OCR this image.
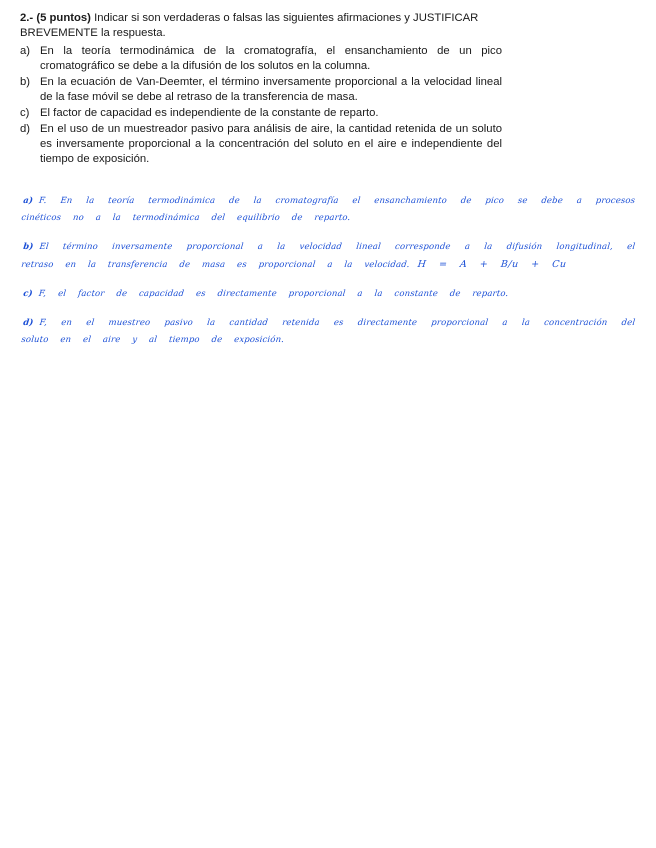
2.- (5 puntos) Indicar si son verdaderas o falsas las siguientes afirmaciones y JUSTIFICAR BREVEMENTE la respuesta.

a) En la teoría termodinámica de la cromatografía, el ensanchamiento de un pico cromatográfico se debe a la difusión de los solutos en la columna.
b) En la ecuación de Van-Deemter, el término inversamente proporcional a la velocidad lineal de la fase móvil se debe al retraso de la transferencia de masa.
c) El factor de capacidad es independiente de la constante de reparto.
d) En el uso de un muestreador pasivo para análisis de aire, la cantidad retenida de un soluto es inversamente proporcional a la concentración del soluto en el aire e independiente del tiempo de exposición.

a) F. En la teoría termodinámica de la cromatografía el ensanchamiento de pico se debe a procesos cinéticos no a la termodinámica del equilibrio de reparto.

b) El término inversamente proporcional a la velocidad lineal corresponde a la difusión longitudinal, el retraso en la transferencia de masa es proporcional a la velocidad. H = A + B/u + Cu

c) F, el factor de capacidad es directamente proporcional a la constante de reparto.

d) F, en el muestreo pasivo la cantidad retenida es directamente proporcional a la concentración del soluto en el aire y al tiempo de exposición.
